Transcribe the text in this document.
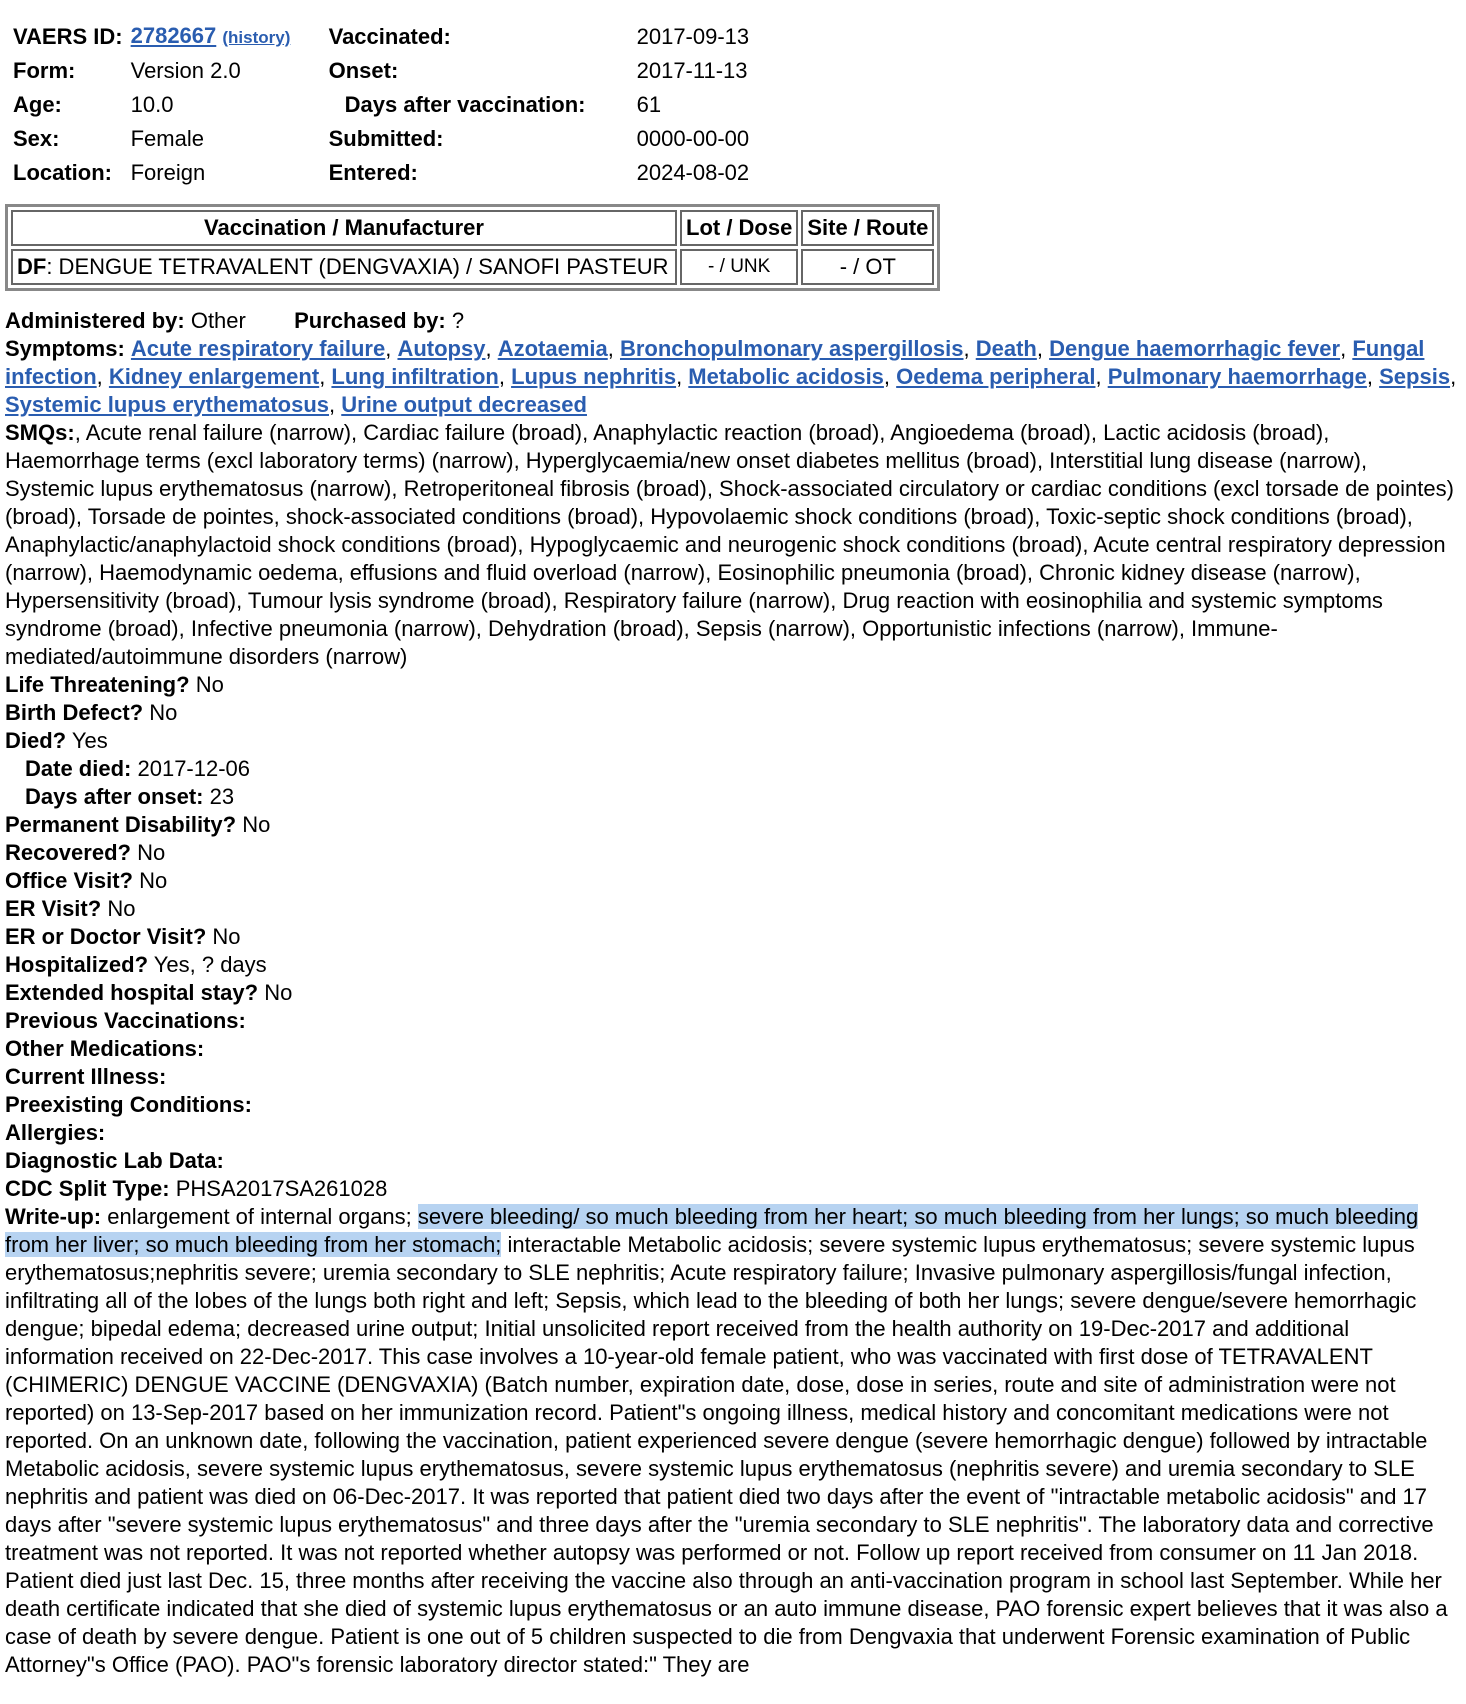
VAERS ID:	2782667 (history)	Vaccinated:	2017-09-13
Form:	Version 2.0	Onset:	2017-11-13
Age:	10.0	Days after vaccination:	61
Sex:	Female	Submitted:	0000-00-00
Location:	Foreign	Entered:	2024-08-02
Vaccination / Manufacturer	Lot / Dose	Site / Route
DF: DENGUE TETRAVALENT (DENGVAXIA) / SANOFI PASTEUR	- / UNK	- / OT
Administered by: Other Purchased by: ?
Symptoms: Acute respiratory failure, Autopsy, Azotaemia, Bronchopulmonary aspergillosis, Death, Dengue haemorrhagic fever, Fungal infection, Kidney enlargement, Lung infiltration, Lupus nephritis, Metabolic acidosis, Oedema peripheral, Pulmonary haemorrhage, Sepsis, Systemic lupus erythematosus, Urine output decreased
SMQs:, Acute renal failure (narrow), Cardiac failure (broad), Anaphylactic reaction (broad), Angioedema (broad), Lactic acidosis (broad), Haemorrhage terms (excl laboratory terms) (narrow), Hyperglycaemia/new onset diabetes mellitus (broad), Interstitial lung disease (narrow), Systemic lupus erythematosus (narrow), Retroperitoneal fibrosis (broad), Shock-associated circulatory or cardiac conditions (excl torsade de pointes) (broad), Torsade de pointes, shock-associated conditions (broad), Hypovolaemic shock conditions (broad), Toxic-septic shock conditions (broad), Anaphylactic/anaphylactoid shock conditions (broad), Hypoglycaemic and neurogenic shock conditions (broad), Acute central respiratory depression (narrow), Haemodynamic oedema, effusions and fluid overload (narrow), Eosinophilic pneumonia (broad), Chronic kidney disease (narrow), Hypersensitivity (broad), Tumour lysis syndrome (broad), Respiratory failure (narrow), Drug reaction with eosinophilia and systemic symptoms syndrome (broad), Infective pneumonia (narrow), Dehydration (broad), Sepsis (narrow), Opportunistic infections (narrow), Immune-mediated/autoimmune disorders (narrow)
Life Threatening? No
Birth Defect? No
Died? Yes
Date died: 2017-12-06
Days after onset: 23
Permanent Disability? No
Recovered? No
Office Visit? No
ER Visit? No
ER or Doctor Visit? No
Hospitalized? Yes, ? days
Extended hospital stay? No
Previous Vaccinations:
Other Medications:
Current Illness:
Preexisting Conditions:
Allergies:
Diagnostic Lab Data:
CDC Split Type: PHSA2017SA261028
Write-up: enlargement of internal organs; severe bleeding/ so much bleeding from her heart; so much bleeding from her lungs; so much bleeding from her liver; so much bleeding from her stomach; interactable Metabolic acidosis; severe systemic lupus erythematosus; severe systemic lupus erythematosus;nephritis severe; uremia secondary to SLE nephritis; Acute respiratory failure; Invasive pulmonary aspergillosis/fungal infection, infiltrating all of the lobes of the lungs both right and left; Sepsis, which lead to the bleeding of both her lungs; severe dengue/severe hemorrhagic dengue; bipedal edema; decreased urine output; Initial unsolicited report received from the health authority on 19-Dec-2017 and additional information received on 22-Dec-2017. This case involves a 10-year-old female patient, who was vaccinated with first dose of TETRAVALENT (CHIMERIC) DENGUE VACCINE (DENGVAXIA) (Batch number, expiration date, dose, dose in series, route and site of administration were not reported) on 13-Sep-2017 based on her immunization record. Patient"s ongoing illness, medical history and concomitant medications were not reported. On an unknown date, following the vaccination, patient experienced severe dengue (severe hemorrhagic dengue) followed by intractable Metabolic acidosis, severe systemic lupus erythematosus, severe systemic lupus erythematosus (nephritis severe) and uremia secondary to SLE nephritis and patient was died on 06-Dec-2017. It was reported that patient died two days after the event of "intractable metabolic acidosis" and 17 days after "severe systemic lupus erythematosus" and three days after the "uremia secondary to SLE nephritis". The laboratory data and corrective treatment was not reported. It was not reported whether autopsy was performed or not. Follow up report received from consumer on 11 Jan 2018. Patient died just last Dec. 15, three months after receiving the vaccine also through an anti-vaccination program in school last September. While her death certificate indicated that she died of systemic lupus erythematosus or an auto immune disease, PAO forensic expert believes that it was also a case of death by severe dengue. Patient is one out of 5 children suspected to die from Dengvaxia that underwent Forensic examination of Public Attorney"s Office (PAO). PAO"s forensic laboratory director stated:" They are
